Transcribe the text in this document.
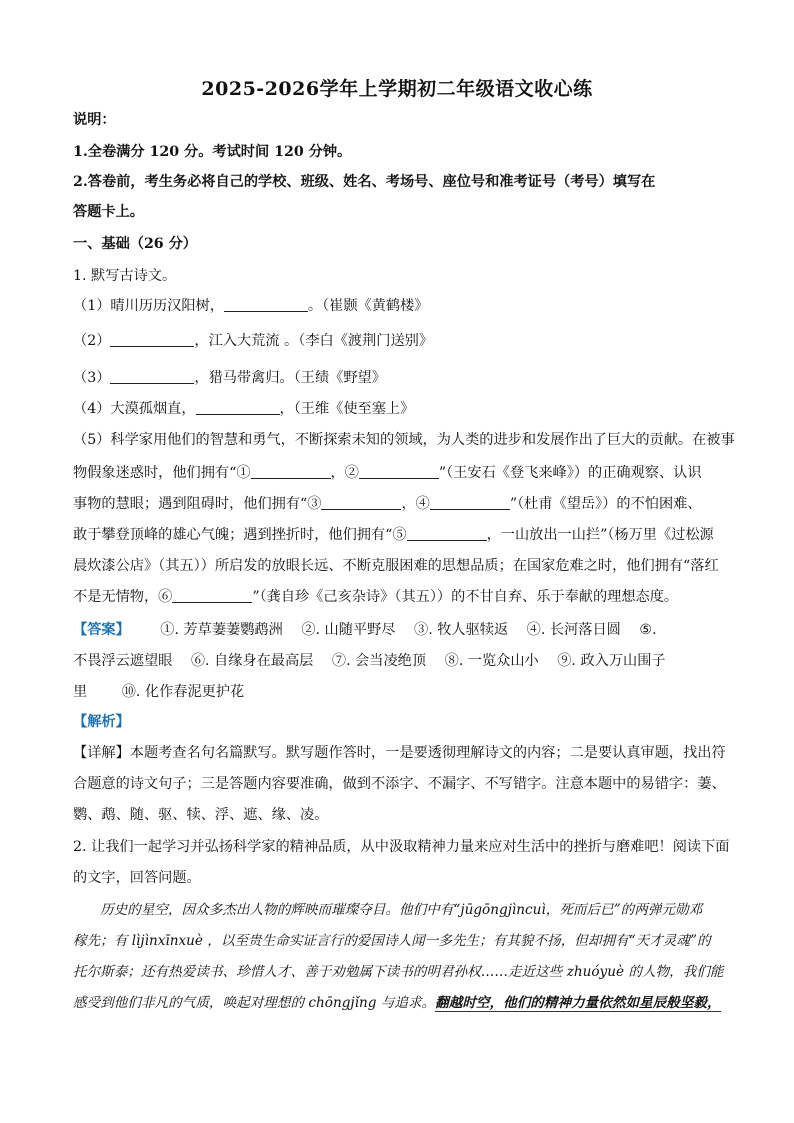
2025-2026学年上学期初二年级语文收心练
说明：
1.全卷满分 120 分。考试时间 120 分钟。
2.答卷前，考生务必将自己的学校、班级、姓名、考场号、座位号和准考证号（考号）填写在
答题卡上。
一、基础（26 分）
1. 默写古诗文。
（1）晴川历历汉阳树，	。（崔颢《黄鹤楼》
（2）	，江入大荒流 。（李白《渡荆门送别》
（3）	，猎马带禽归。（王绩《野望》
（4）大漠孤烟直，	，（王维《使至塞上》
（5）科学家用他们的智慧和勇气，不断探索未知的领域，为人类的进步和发展作出了巨大的贡献。在被事
物假象迷惑时，他们拥有“①	，②	”（王安石《登飞来峰》）的正确观察、认识
事物的慧眼；遇到阻碍时，他们拥有“③	，④	”（杜甫《望岳》）的不怕困难、
敢于攀登顶峰的雄心气魄；遇到挫折时，他们拥有“⑤	，一山放出一山拦”（杨万里《过松源
晨炊漆公店》（其五））所启发的放眼长远、不断克服困难的思想品质；在国家危难之时，他们拥有“落红
不是无情物，⑥	”（龚自珍《己亥杂诗》（其五））的不甘自弃、乐于奉献的理想态度。
【答案】 ①. 芳草萋萋鹦鹉洲 ②. 山随平野尽 ③. 牧人驱犊返 ④. 长河落日圆 ⑤.
不畏浮云遮望眼 ⑥. 自缘身在最高层 ⑦. 会当凌绝顶 ⑧. 一览众山小 ⑨. 政入万山围子
里 ⑩. 化作春泥更护花
【解析】
【详解】本题考查名句名篇默写。默写题作答时，一是要透彻理解诗文的内容；二是要认真审题，找出符
合题意的诗文句子；三是答题内容要准确，做到不添字、不漏字、不写错字。注意本题中的易错字：萋、
鹦、鹉、随、驱、犊、浮、遮、缘、凌。
2. 让我们一起学习并弘扬科学家的精神品质，从中汲取精神力量来应对生活中的挫折与磨难吧！阅读下面
的文字，回答问题。
历史的星空，因众多杰出人物的辉映而璀璨夺目。他们中有“jūgōngjìncuì，死而后已”的两弹元勋邓
稼先；有 lìjìnxīnxuè ，以至贵生命实证言行的爱国诗人闻一多先生；有其貌不扬，但却拥有“天才灵魂”的
托尔斯泰；还有热爱读书、珍惜人才、善于劝勉属下读书的明君孙权……走近这些 zhuóyuè 的人物，我们能
感受到他们非凡的气质，唤起对理想的 chōngjǐng 与追求。翻越时空，他们的精神力量依然如星辰般坚毅，
